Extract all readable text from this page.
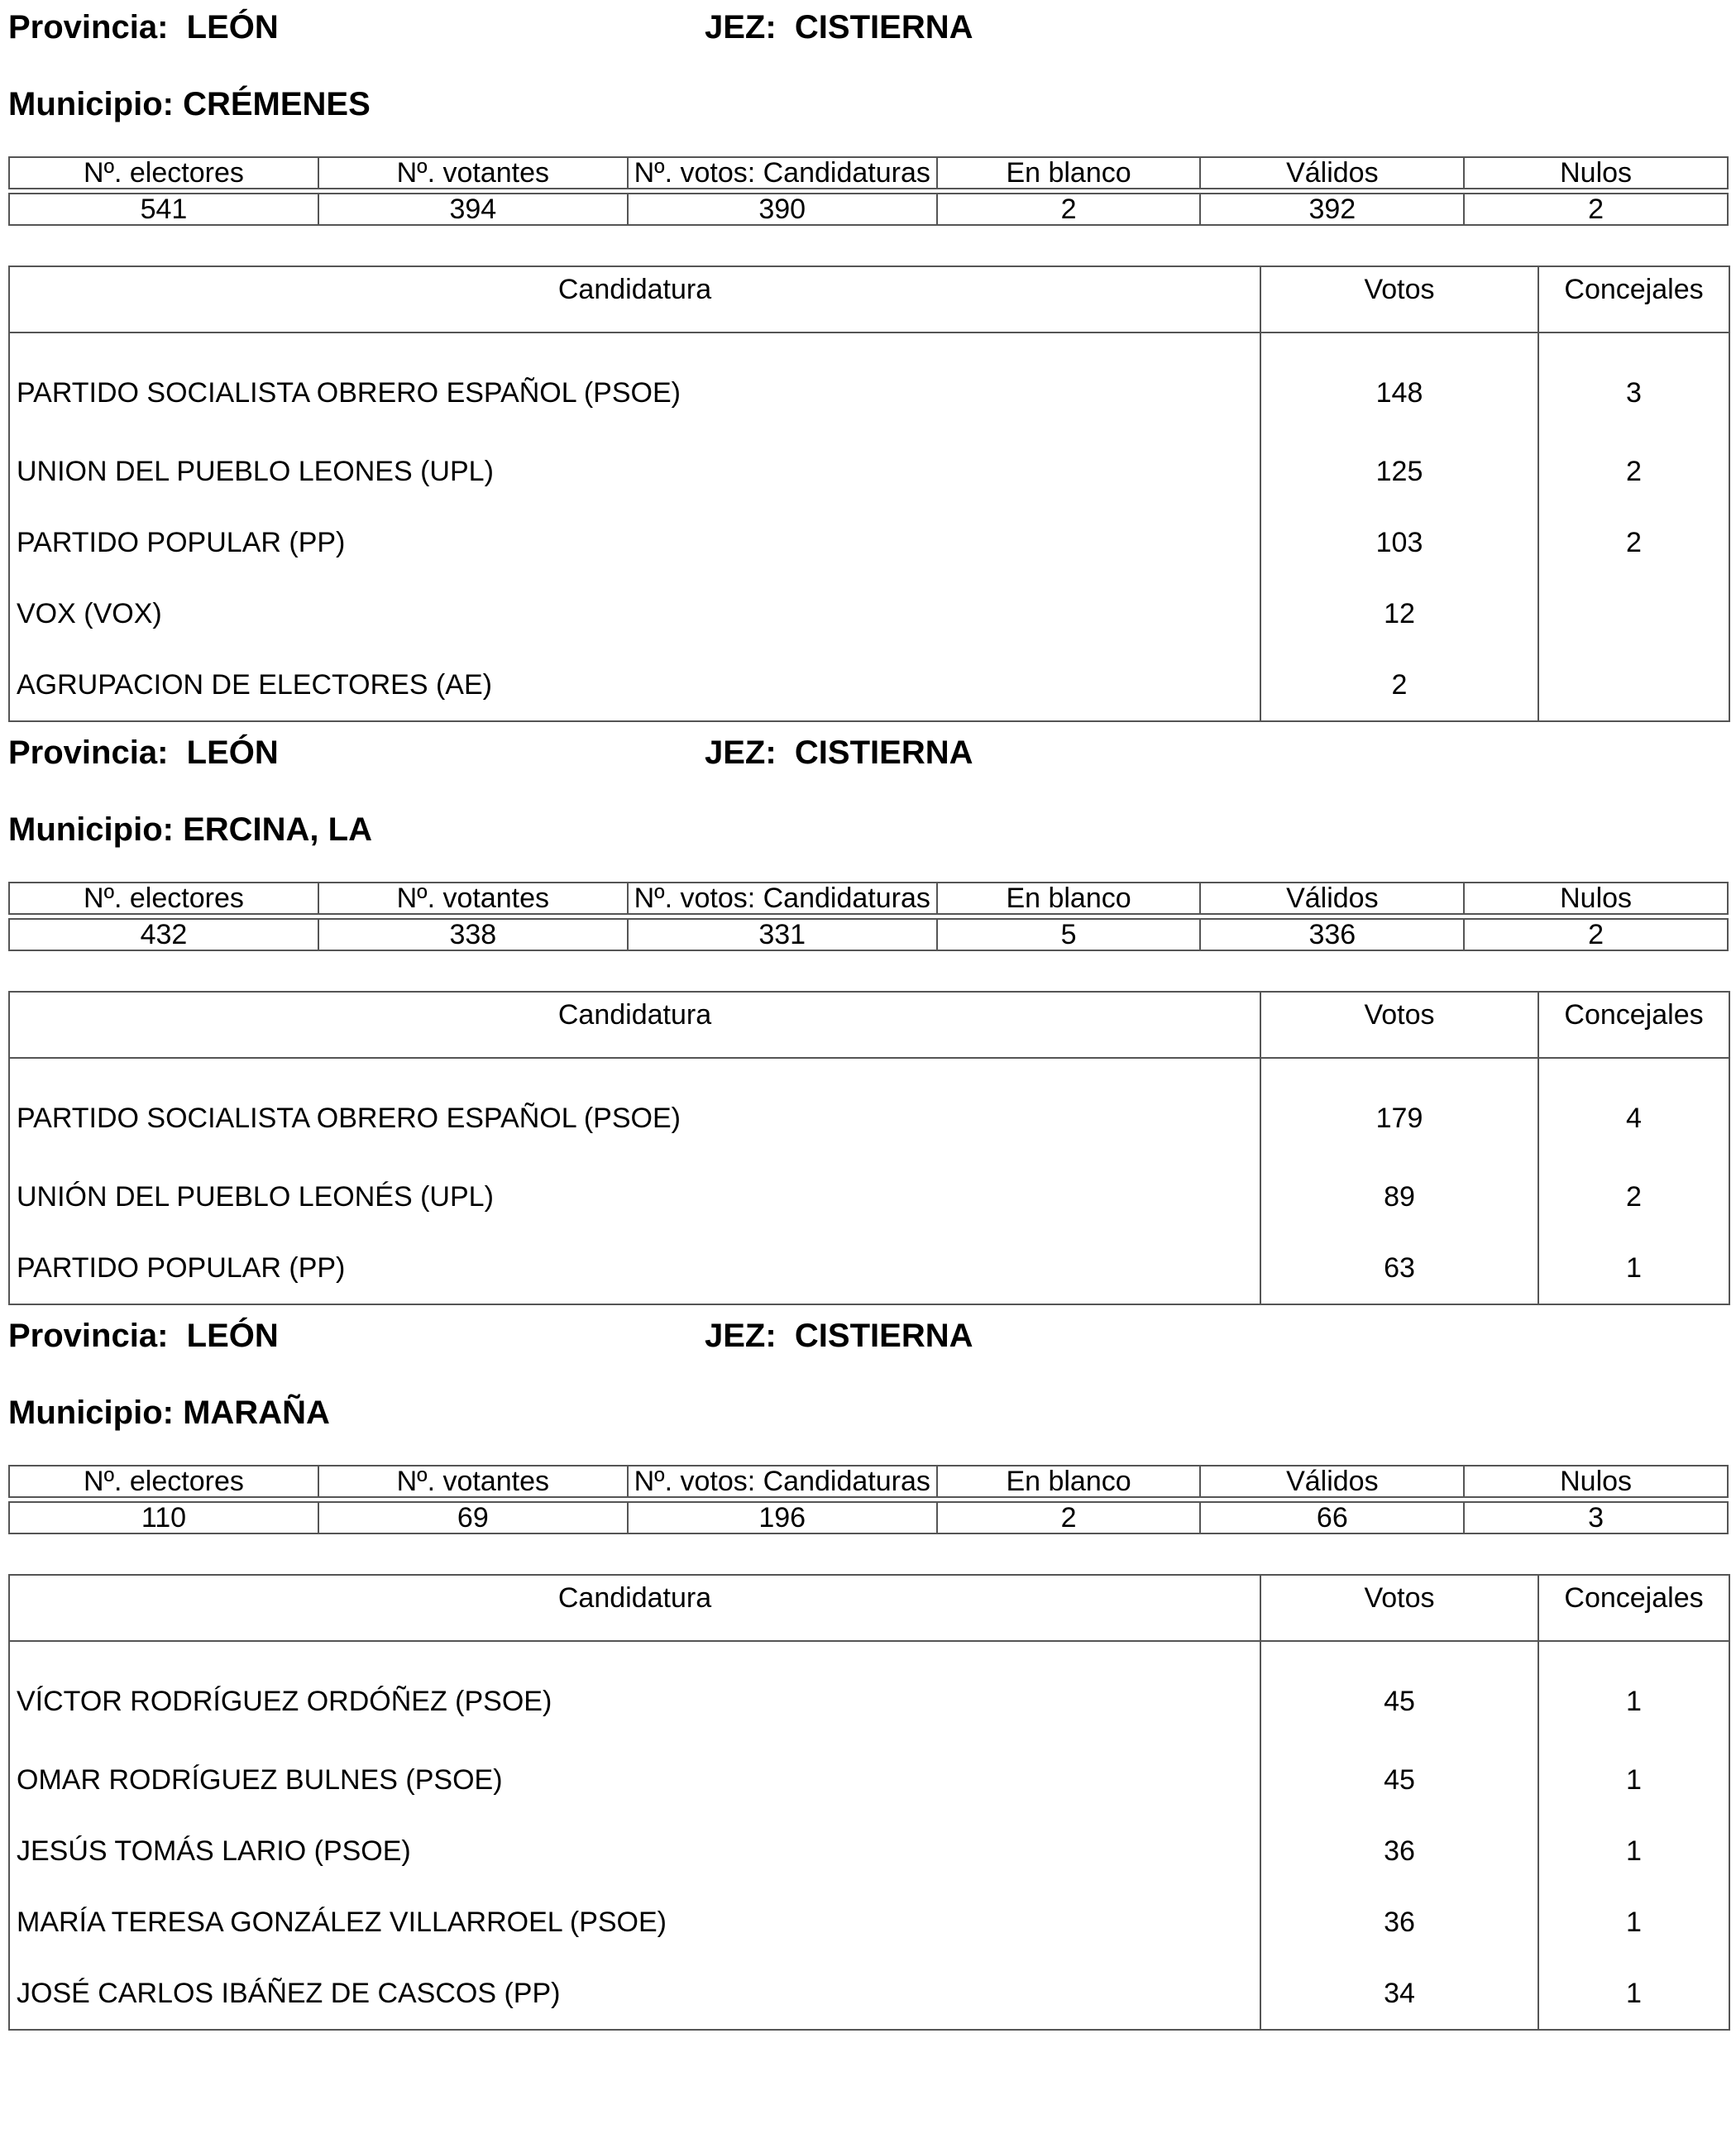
Provincia: LEÓN	JEZ: CISTIERNA
Municipio: CRÉMENES
Nº. electores	Nº. votantes	Nº. votos: Candidaturas	En blanco	Válidos	Nulos

541	394	390	2	392	2
Candidatura	Votos	Concejales
PARTIDO SOCIALISTA OBRERO ESPAÑOL (PSOE)	148	3
UNION DEL PUEBLO LEONES (UPL)	125	2
PARTIDO POPULAR (PP)	103	2
VOX (VOX)	12	
AGRUPACION DE ELECTORES (AE)	2	
Provincia: LEÓN	JEZ: CISTIERNA
Municipio: ERCINA, LA
Nº. electores	Nº. votantes	Nº. votos: Candidaturas	En blanco	Válidos	Nulos

432	338	331	5	336	2
Candidatura	Votos	Concejales
PARTIDO SOCIALISTA OBRERO ESPAÑOL (PSOE)	179	4
UNIÓN DEL PUEBLO LEONÉS (UPL)	89	2
PARTIDO POPULAR (PP)	63	1
Provincia: LEÓN	JEZ: CISTIERNA
Municipio: MARAÑA
Nº. electores	Nº. votantes	Nº. votos: Candidaturas	En blanco	Válidos	Nulos

110	69	196	2	66	3
Candidatura	Votos	Concejales
VÍCTOR RODRÍGUEZ ORDÓÑEZ (PSOE)	45	1
OMAR RODRÍGUEZ BULNES (PSOE)	45	1
JESÚS TOMÁS LARIO (PSOE)	36	1
MARÍA TERESA GONZÁLEZ VILLARROEL (PSOE)	36	1
JOSÉ CARLOS IBÁÑEZ DE CASCOS (PP)	34	1
